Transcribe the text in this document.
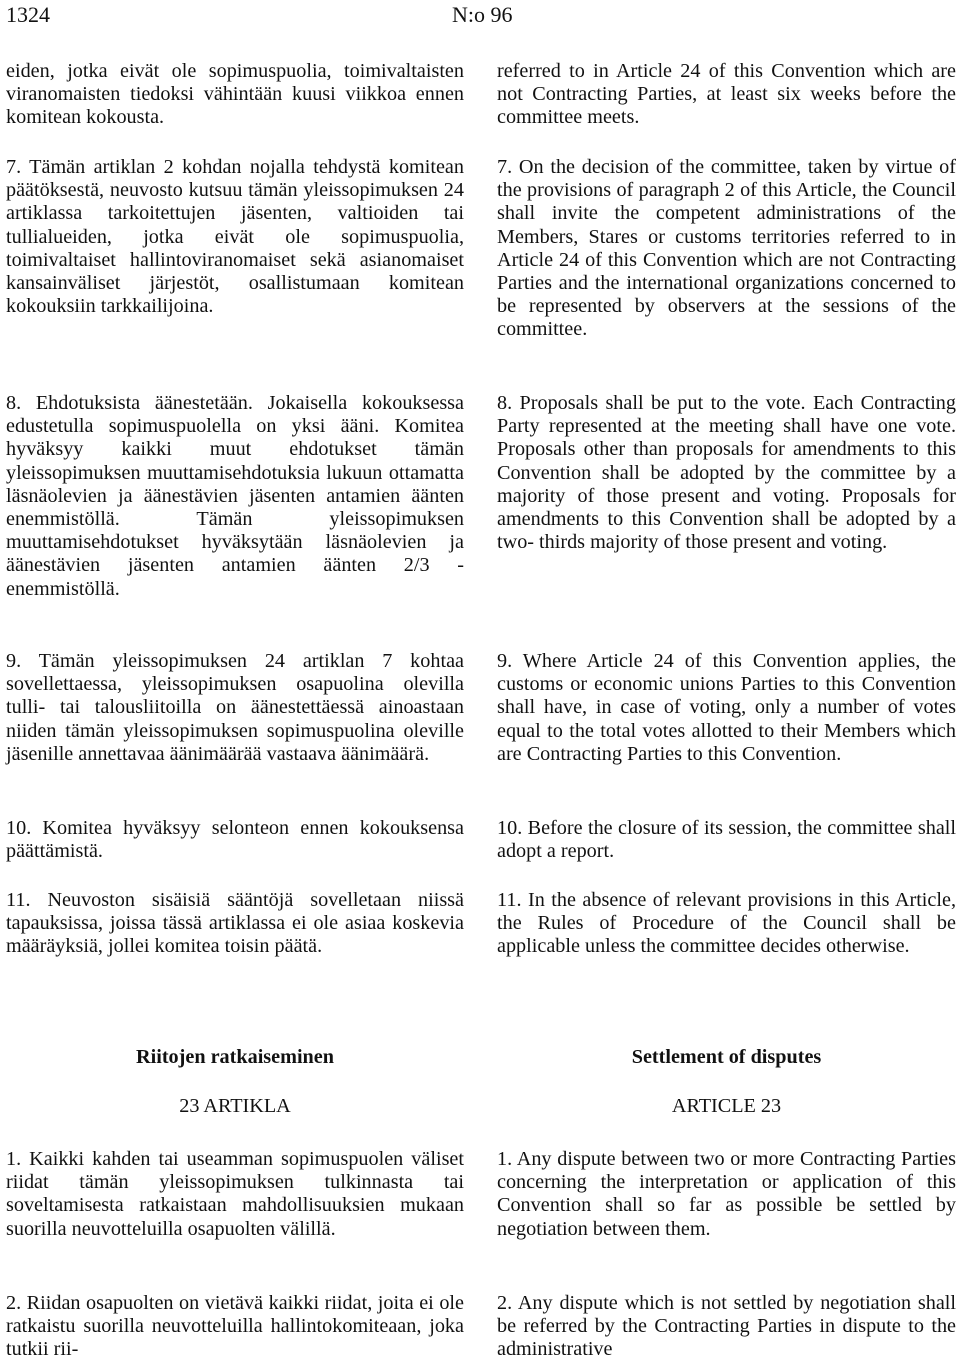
1324	N:o 96

eiden, jotka eivät ole sopimuspuolia, toimivaltaisten viranomaisten tiedoksi vähintään kuusi viikkoa ennen komitean kokousta.

7. Tämän artiklan 2 kohdan nojalla tehdystä komitean päätöksestä, neuvosto kutsuu tämän yleissopimuksen 24 artiklassa tarkoitettujen jäsenten, valtioiden tai tullialueiden, jotka eivät ole sopimuspuolia, toimivaltaiset hallintoviranomaiset sekä asianomaiset kansainväliset järjestöt, osallistumaan komitean kokouksiin tarkkailijoina.

8. Ehdotuksista äänestetään. Jokaisella kokouksessa edustetulla sopimuspuolella on yksi ääni. Komitea hyväksyy kaikki muut ehdotukset tämän yleissopimuksen muuttamisehdotuksia lukuun ottamatta läsnäolevien ja äänestävien jäsenten antamien äänten enemmistöllä. Tämän yleissopimuksen muuttamisehdotukset hyväksytään läsnäolevien ja äänestävien jäsenten antamien äänten 2/3 -enemmistöllä.

9. Tämän yleissopimuksen 24 artiklan 7 kohtaa sovellettaessa, yleissopimuksen osapuolina olevilla tulli- tai talousliitoilla on äänestettäessä ainoastaan niiden tämän yleissopimuksen sopimuspuolina oleville jäsenille annettavaa äänimäärää vastaava äänimäärä.

10. Komitea hyväksyy selonteon ennen kokouksensa päättämistä.

11. Neuvoston sisäisiä sääntöjä sovelletaan niissä tapauksissa, joissa tässä artiklassa ei ole asiaa koskevia määräyksiä, jollei komitea toisin päätä.

Riitojen ratkaiseminen

23 ARTIKLA

1. Kaikki kahden tai useamman sopimuspuolen väliset riidat tämän yleissopimuksen tulkinnasta tai soveltamisesta ratkaistaan mahdollisuuksien mukaan suorilla neuvotteluilla osapuolten välillä.

2. Riidan osapuolten on vietävä kaikki riidat, joita ei ole ratkaistu suorilla neuvotteluilla hallintokomiteaan, joka tutkii rii-

referred to in Article 24 of this Convention which are not Contracting Parties, at least six weeks before the committee meets.

7. On the decision of the committee, taken by virtue of the provisions of paragraph 2 of this Article, the Council shall invite the competent administrations of the Members, Stares or customs territories referred to in Article 24 of this Convention which are not Contracting Parties and the international organizations concerned to be represented by observers at the sessions of the committee.

8. Proposals shall be put to the vote. Each Contracting Party represented at the meeting shall have one vote. Proposals other than proposals for amendments to this Convention shall be adopted by the committee by a majority of those present and voting. Proposals for amendments to this Convention shall be adopted by a two- thirds majority of those present and voting.

9. Where Article 24 of this Convention applies, the customs or economic unions Parties to this Convention shall have, in case of voting, only a number of votes equal to the total votes allotted to their Members which are Contracting Parties to this Convention.

10. Before the closure of its session, the committee shall adopt a report.

11. In the absence of relevant provisions in this Article, the Rules of Procedure of the Council shall be applicable unless the committee decides otherwise.

Settlement of disputes

ARTICLE 23

1. Any dispute between two or more Contracting Parties concerning the interpretation or application of this Convention shall so far as possible be settled by negotiation between them.

2. Any dispute which is not settled by negotiation shall be referred by the Contracting Parties in dispute to the administrative
